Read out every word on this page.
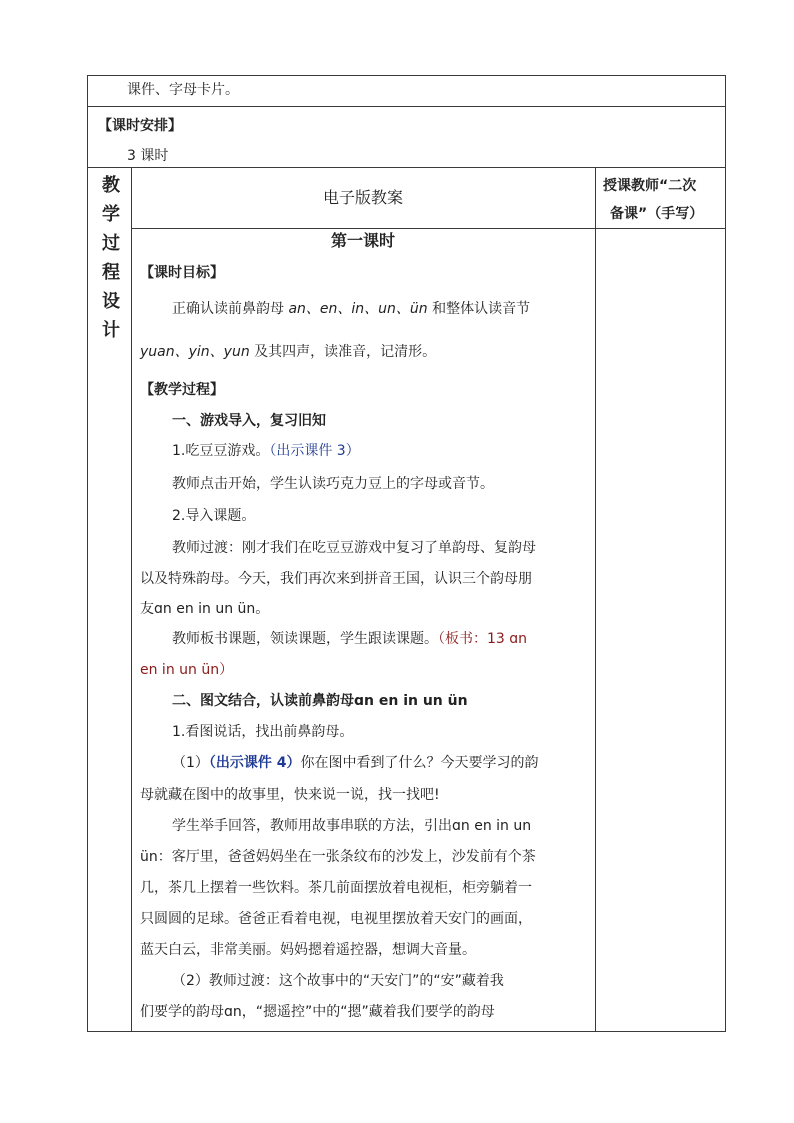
课件、字母卡片。
【课时安排】
3 课时
教
学
过
程
设
计
电子版教案
授课教师“二次
备课”（手写）
第一课时
【课时目标】
正确认读前鼻韵母 an、en、in、un、ün 和整体认读音节
yuan、yin、yun 及其四声，读准音，记清形。
【教学过程】
一、游戏导入，复习旧知
1.吃豆豆游戏。（出示课件 3）
教师点击开始，学生认读巧克力豆上的字母或音节。
2.导入课题。
教师过渡：刚才我们在吃豆豆游戏中复习了单韵母、复韵母
以及特殊韵母。今天，我们再次来到拼音王国，认识三个韵母朋
友ɑn en in un ün。
教师板书课题，领读课题，学生跟读课题。（板书：13 ɑn
en in un ün）
二、图文结合，认读前鼻韵母ɑn en in un ün
1.看图说话，找出前鼻韵母。
（1）（出示课件 4）你在图中看到了什么？今天要学习的韵
母就藏在图中的故事里，快来说一说，找一找吧!
学生举手回答，教师用故事串联的方法，引出ɑn en in un
ün：客厅里，爸爸妈妈坐在一张条纹布的沙发上，沙发前有个茶
几，茶几上摆着一些饮料。茶几前面摆放着电视柜，柜旁躺着一
只圆圆的足球。爸爸正看着电视，电视里摆放着天安门的画面，
蓝天白云，非常美丽。妈妈摁着遥控器，想调大音量。
（2）教师过渡：这个故事中的“天安门”的“安”藏着我
们要学的韵母ɑn，“摁遥控”中的“摁”藏着我们要学的韵母
